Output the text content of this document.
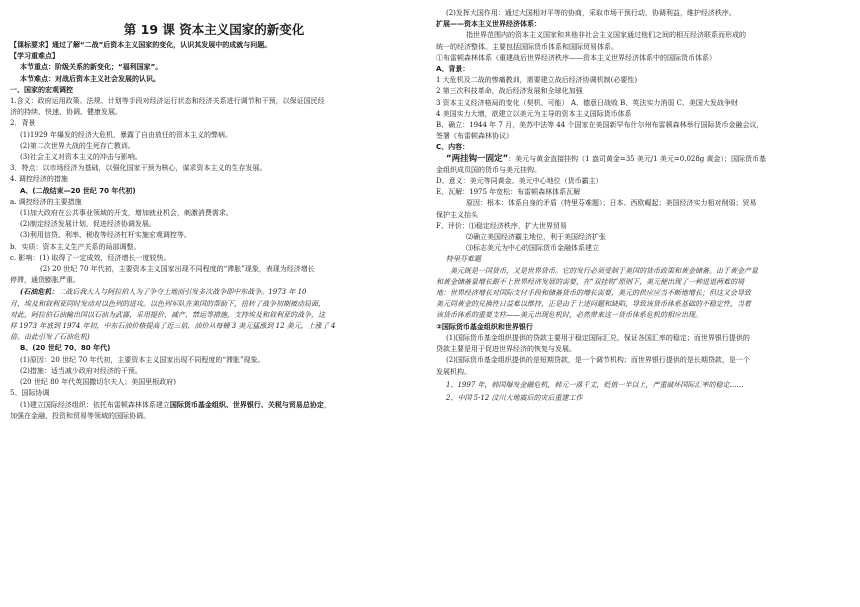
第 19 课 资本主义国家的新变化

【课标要求】通过了解“二战”后资本主义国家的变化，认识其发展中的成就与问题。

【学习重难点】

本节重点：阶级关系的新变化；“福利国家”。

本节难点：对战后资本主义社会发展的认识。

一、国家的宏观调控

1.含义：政府运用政策、法规、计划等手段对经济运行状态和经济关系进行调节和干预，以保证国民经

济的持续、快速、协调、健康发展。

2．背景

(1)1929 年爆发的经济大危机，暴露了自由放任的资本主义的弊病。

(2)第二次世界大战的生死存亡教训。

(3)社会主义对资本主义的冲击与影响。

3．特点：以市场经济为基础，以强化国家干预为核心，谋求资本主义的生存发展。

4. 调控经济的措施

A、(二战结束—20 世纪 70 年代初)

a. 调控经济的主要措施

(1)加大政府在公共事业领域的开支，增加就业机会，刺激消费需求。

(2)制定经济发展计划，促进经济协调发展。

(3)利用信贷、利率、税收等经济杠杆实施宏观调控等。

b．实质：资本主义生产关系的局部调整。

c. 影响：(1) 取得了一定成效，经济增长一度较快。

(2) 20 世纪 70 年代初，主要资本主义国家出现不同程度的“滞胀”现象，表现为经济增长

停滞，通货膨胀严重。

(石油危机：二战后我大人与阿拉伯人为了争夺土地而引发多次战争即中东战争。1973 年 10

月，埃及和叙利亚同时发动对以色列的进攻。以色列军队在美国的帮助下，扭转了战争初期被动局面，

对此，阿拉伯石油输出国以石油为武器，采用提价、减产、禁运等措施，支持埃及和叙利亚的战争，这

样 1973 年底到 1974 年初，中东石油价格提高了近三倍，油价从每桶 3 美元猛涨到 12 美元，上涨了 4

倍。由此引发了石油危机)

B、(20 世纪 70、80 年代)

(1)原因：20 世纪 70 年代初，主要资本主义国家出现不同程度的“滞胀”现象。

(2)措施：适当减少政府对经济的干预。

(20 世纪 80 年代英国撒切尔夫人；美国里根政府)

5、国际协调

(1)建立国际经济组织：依托布雷顿森林体系建立国际货币基金组织、世界银行、关税与贸易总协定，

加强在金融、投资和贸易等领域的国际协调。

(2)发挥大国作用：通过大国相对平等的协商，采取市场干预行动，协调利益，维护经济秩序。

扩展——资本主义世界经济体系：

指世界范围内的资本主义国家和其他非社会主义国家通过他们之间的相互经济联系而形成的

统一的经济整体。主要包括国际货币体系和国际贸易体系。

①布雷顿森林体系（重建战后世界经济秩序——资本主义世界经济体系中的国际货币体系）

A、背景：

1 大危机及二战的惨痛教训，需要建立战后经济协调机制(必要性)

2 第三次科技革命，战后经济发展和全球化加强

3 资本主义经济格局的变化（契机、可能） A、德意日战败 B、英法实力消弱 C、美国大发战争财

4 美国实力大增，欲建立以美元为主导的资本主义国际货币体系

B、确立：1944 年 7 月，美苏中法等 44 个国家在美国新罕布什尔州布雷顿森林举行国际货币金融会议，

签署《布雷顿森林协议》

C、内容：

“两挂钩一固定”：美元与黄金直接挂钩（1 盎司黄金=35 美元/1 美元=0.028g 黄金）；国际货币基

金组织成员国的货币与美元挂钩。

D、意义：美元等同黄金、美元中心地位（货币霸主）

E、瓦解：1975 年宽松：布雷顿森林体系瓦解

原因：根本：体系自身的矛盾（特里芬难题）；日本、西欧崛起；美国经济实力相对削弱；贸易

保护主义抬头

F、评价：⑴稳定经济秩序，扩大世界贸易

⑵确立美国经济霸主地位，利于美国经济扩张

⑶标志美元为中心的国际货币金融体系建立

特里芬难题

美元既是一国货币，又是世界货币。它的发行必须受制于美国的货币政策和黄金储备。由于黄金产量

和黄金储备量增长跟不上世界经济发展的需要，在“双挂钩”原则下，美元便出现了一种进退两难的境

地：世界经济增长对国际支付手段和储备货币的增长需要，美元的供应应当不断地增长；但这又会导致

美元同黄金的兑换性日益难以维持，正是由于上述问题和缺陷，导致该货币体系基础的不稳定性，当着

该货币体系的重要支柱——美元出现危机时，必然带来这一货币体系危机的相应出现。

②国际货币基金组织和世界银行

(1)国际货币基金组织提供的贷款主要用于稳定国际汇兑，保证各国汇率的稳定；而世界银行提供的

贷款主要是用于促进世界经济的恢复与发展。

(2)国际货币基金组织提供的是短期贷款，是一个调节机构；而世界银行提供的是长期贷款，是一个

发展机构。

1、1997 年，韩国爆发金融危机，韩元一落千丈，贬值一半以上，严重破坏国际汇率的稳定……

2、中国 5·12 汶川大地震后的灾后重建工作
